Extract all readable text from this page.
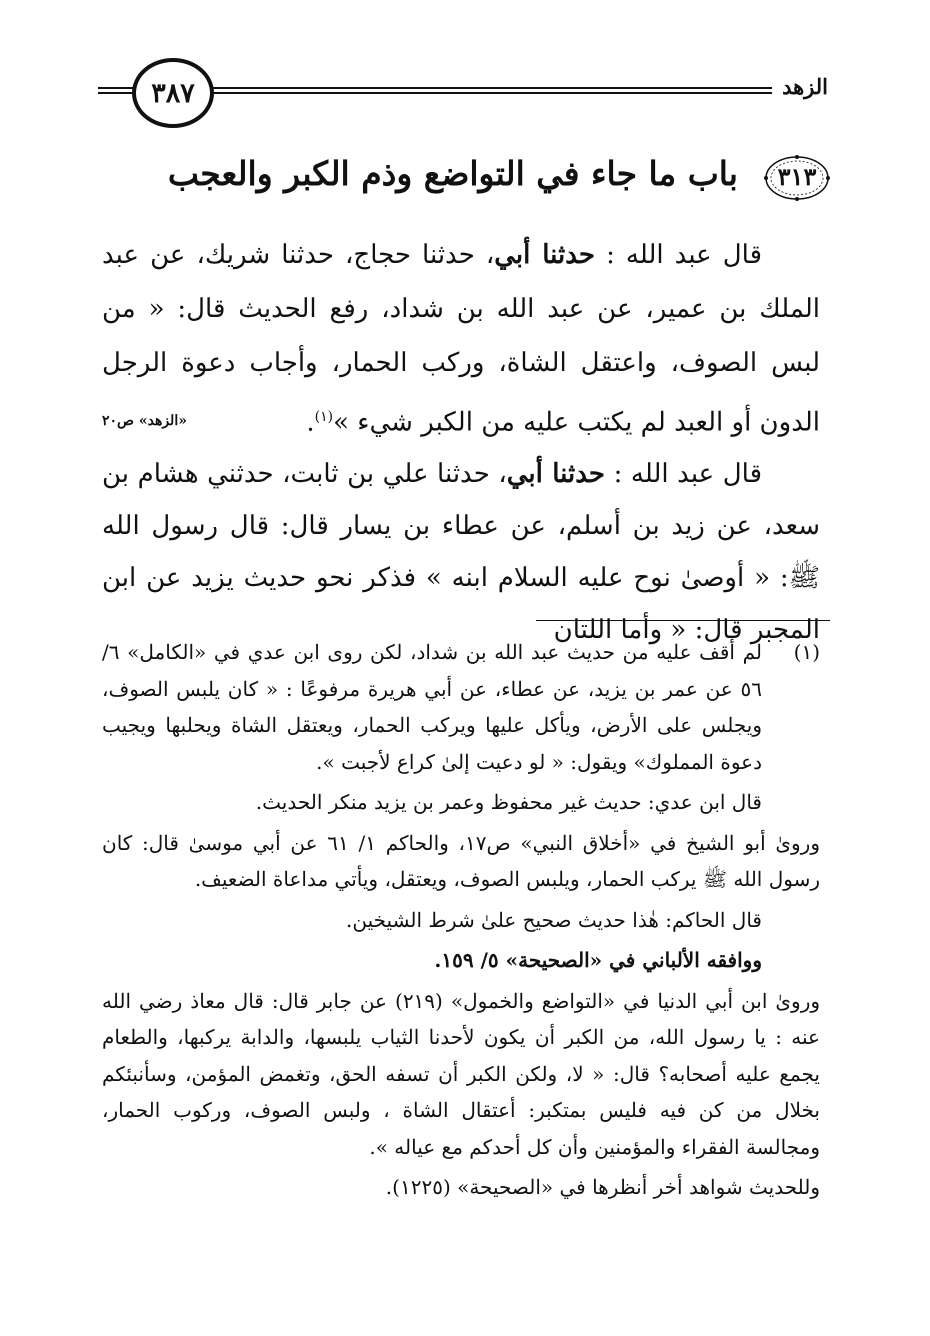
الزهد
٣٨٧
٣١٣
باب ما جاء في التواضع وذم الكبر والعجب

قال عبد الله : حدثنا أبي، حدثنا حجاج، حدثنا شريك، عن عبد الملك بن عمير، عن عبد الله بن شداد، رفع الحديث قال: « من لبس الصوف، واعتقل الشاة، وركب الحمار، وأجاب دعوة الرجل الدون أو العبد لم يكتب عليه من الكبر شيء »$^{(١)}$.

«الزهد» ص٢٠

قال عبد الله : حدثنا أبي، حدثنا علي بن ثابت، حدثني هشام بن سعد، عن زيد بن أسلم، عن عطاء بن يسار قال: قال رسول الله ﷺ: « أوصىٰ نوح عليه السلام ابنه » فذكر نحو حديث يزيد عن ابن المجبر قال: « وأما اللتان

(١)
لم أقف عليه من حديث عبد الله بن شداد، لكن روى ابن عدي في «الكامل» ٦/ ٥٦ عن عمر بن يزيد، عن عطاء، عن أبي هريرة مرفوعًا : « كان يلبس الصوف، ويجلس على الأرض، ويأكل عليها ويركب الحمار، ويعتقل الشاة ويحلبها ويجيب دعوة المملوك» ويقول: « لو دعيت إلىٰ كراع لأجبت ».
قال ابن عدي: حديث غير محفوظ وعمر بن يزيد منكر الحديث.
ورویٰ أبو الشيخ في «أخلاق النبي» ص١٧، والحاكم ١/ ٦١ عن أبي موسىٰ قال: كان رسول الله ﷺ يركب الحمار، ويلبس الصوف، ويعتقل، ويأتي مداعاة الضعيف.
قال الحاكم: هٰذا حديث صحيح علىٰ شرط الشيخين.
ووافقه الألباني في «الصحيحة» ٥/ ١٥٩.
وروىٰ ابن أبي الدنيا في «التواضع والخمول» (٢١٩) عن جابر قال: قال معاذ رضي الله عنه : يا رسول الله، من الكبر أن يكون لأحدنا الثياب يلبسها، والدابة يركبها، والطعام يجمع عليه أصحابه؟ قال: « لا، ولكن الكبر أن تسفه الحق، وتغمض المؤمن، وسأنبئكم بخلال من كن فيه فليس بمتكبر: أعتقال الشاة ، ولبس الصوف، وركوب الحمار، ومجالسة الفقراء والمؤمنين وأن كل أحدكم مع عياله ».
وللحديث شواهد أخر أنظرها في «الصحيحة» (١٢٢٥).
